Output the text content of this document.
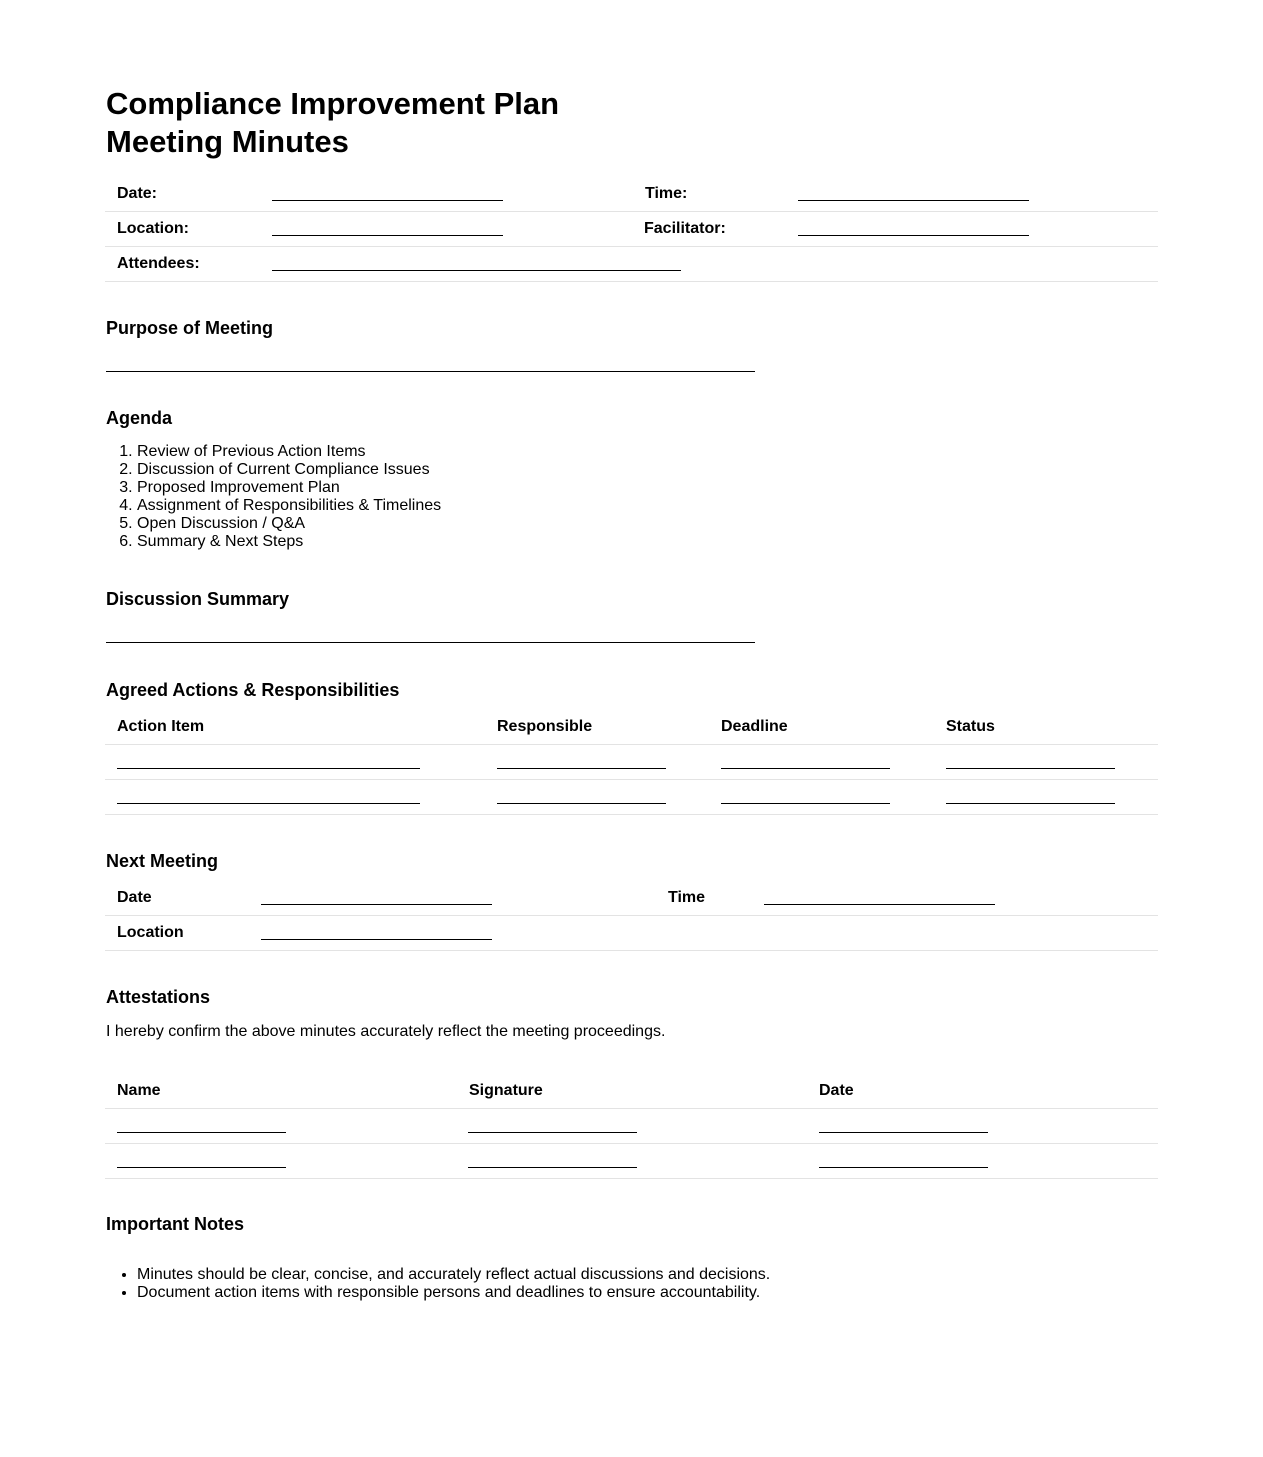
Compliance Improvement Plan
Meeting Minutes
Date:	Time:
Location:	Facilitator:
Attendees:
Purpose of Meeting
Agenda
1. Review of Previous Action Items
2. Discussion of Current Compliance Issues
3. Proposed Improvement Plan
4. Assignment of Responsibilities & Timelines
5. Open Discussion / Q&A
6. Summary & Next Steps
Discussion Summary
Agreed Actions & Responsibilities
Action Item	Responsible	Deadline	Status
Next Meeting
Date	Time
Location
Attestations
I hereby confirm the above minutes accurately reflect the meeting proceedings.
Name	Signature	Date
Important Notes
• Minutes should be clear, concise, and accurately reflect actual discussions and decisions.
• Document action items with responsible persons and deadlines to ensure accountability.
